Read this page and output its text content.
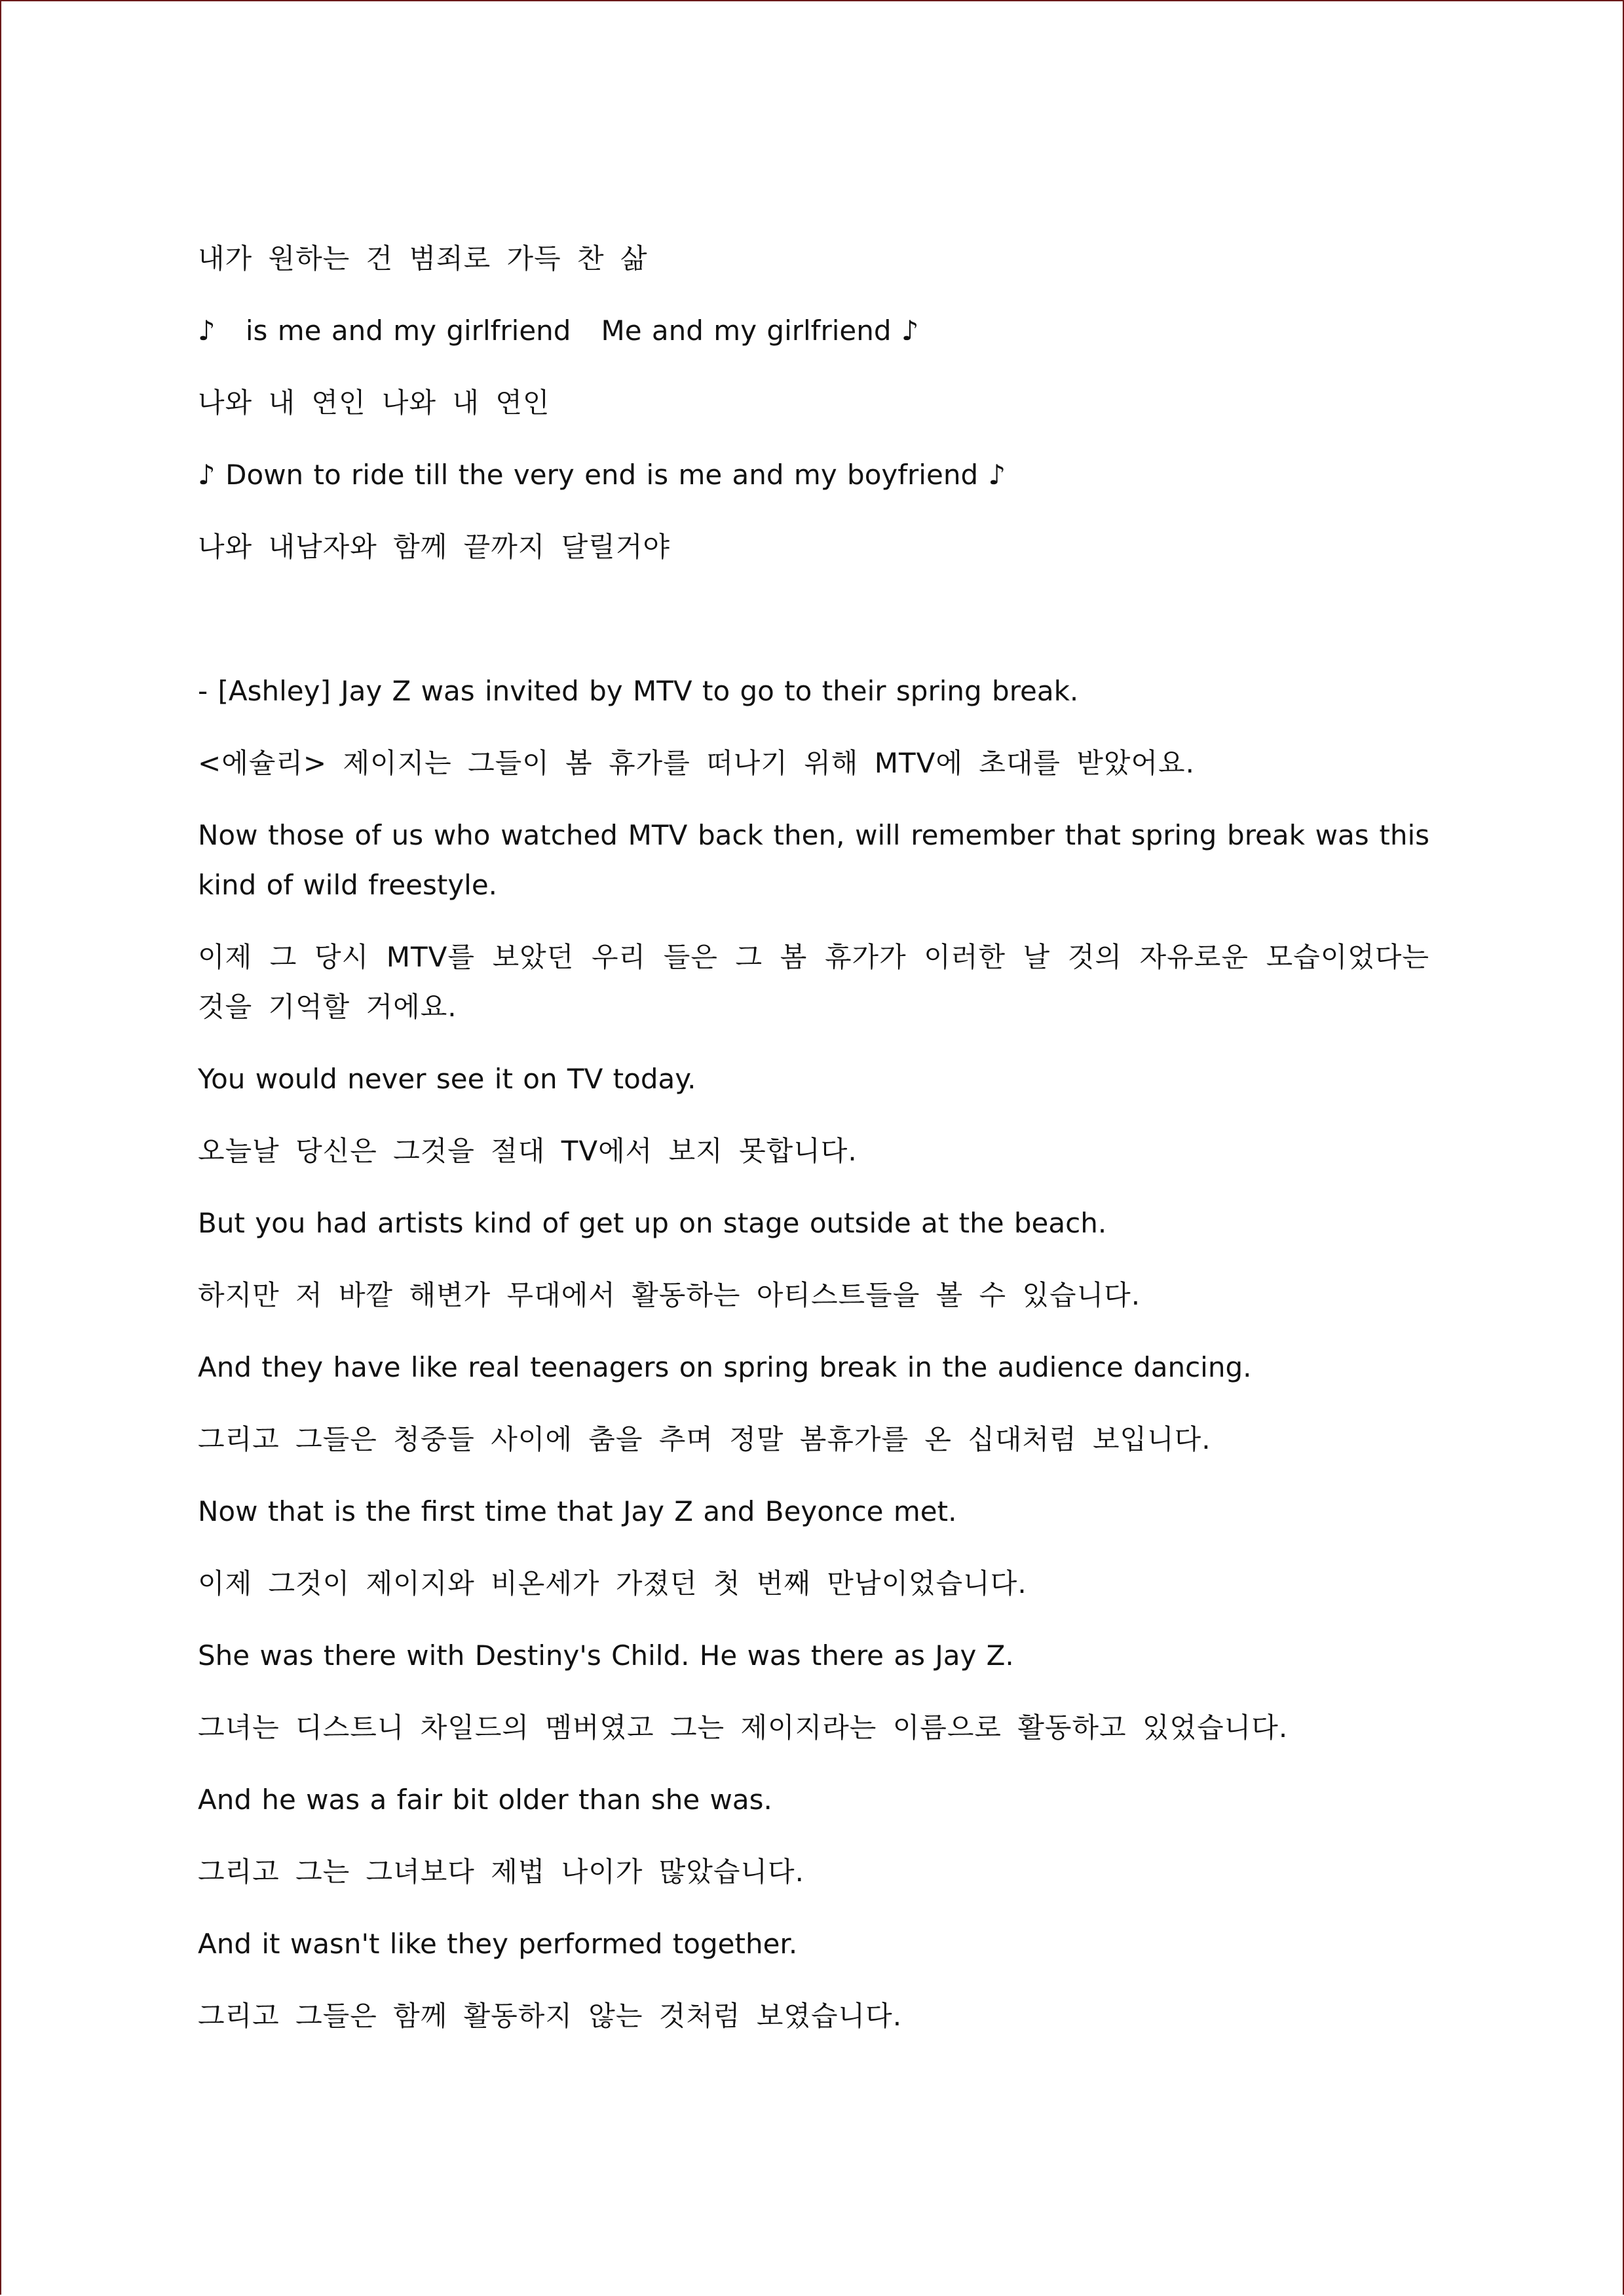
내가 원하는 건 범죄로 가득 찬 삶

♪   is me and my girlfriend   Me and my girlfriend ♪

나와 내 연인 나와 내 연인

♪ Down to ride till the very end is me and my boyfriend ♪

나와 내남자와 함께 끝까지 달릴거야

- [Ashley] Jay Z was invited by MTV to go to their spring break.

<에슐리> 제이지는 그들이 봄 휴가를 떠나기 위해 MTV에 초대를 받았어요.

Now those of us who watched MTV back then, will remember that spring break was this kind of wild freestyle.

이제 그 당시 MTV를 보았던 우리 들은 그 봄 휴가가 이러한 날 것의 자유로운 모습이었다는 것을 기억할 거에요.

You would never see it on TV today.

오늘날 당신은 그것을 절대 TV에서 보지 못합니다.

But you had artists kind of get up on stage outside at the beach.

하지만 저 바깥 해변가 무대에서 활동하는 아티스트들을 볼 수 있습니다.

And they have like real teenagers on spring break in the audience dancing.

그리고 그들은 청중들 사이에 춤을 추며 정말 봄휴가를 온 십대처럼 보입니다.

Now that is the first time that Jay Z and Beyonce met.

이제 그것이 제이지와 비온세가 가졌던 첫 번째 만남이었습니다.

She was there with Destiny's Child. He was there as Jay Z.

그녀는 디스트니 차일드의 멤버였고 그는 제이지라는 이름으로 활동하고 있었습니다.

And he was a fair bit older than she was.

그리고 그는 그녀보다 제법 나이가 많았습니다.

And it wasn't like they performed together.

그리고 그들은 함께 활동하지 않는 것처럼 보였습니다.
